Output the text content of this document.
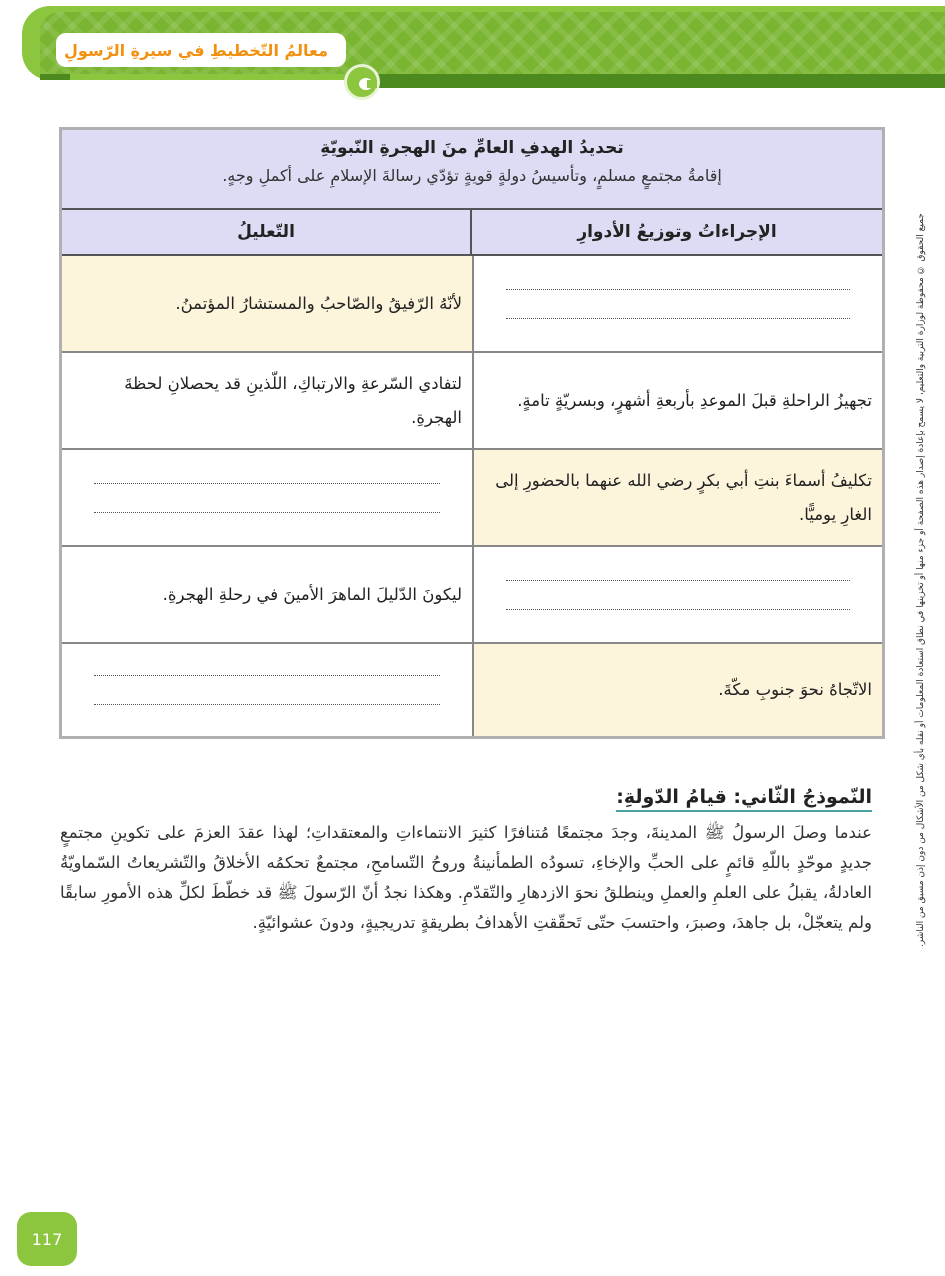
معالمُ التّخطيطِ في سيرةِ الرّسولِ
تحديدُ الهدفِ العامِّ منَ الهجرةِ النّبويّةِ
إقامةُ مجتمعٍ مسلمٍ، وتأسيسُ دولةٍ قويةٍ تؤدّي رسالةَ الإسلامِ على أكملِ وجهٍ.
الإجراءاتُ وتوزيعُ الأدوارِ
التّعليلُ
لأنّهُ الرّفيقُ والصّاحبُ والمستشارُ المؤتمنُ.
تجهيزُ الراحلةِ قبلَ الموعدِ بأربعةِ أشهرٍ، وبسريّةٍ تامةٍ.
لتفادي السّرعةِ والارتباكِ، اللّذينِ قد يحصلانِ لحظةَ الهجرةِ.
تكليفُ أسماءَ بنتِ أبي بكرٍ رضي الله عنهما بالحضورِ إلى الغارِ يوميًّا.
ليكونَ الدّليلَ الماهرَ الأمينَ في رحلةِ الهجرةِ.
الاتّجاهُ نحوَ جنوبِ مكّةَ.	جميع الحقوق © محفوظة لوزارة التربية والتعليم، لا يسمح بإعادة إصدار هذه الصفحة أو جزء منها أو تخزينها في نطاق استعادة المعلومات أو نقله بأي شكل من الأشكال من دون إذن مسبق من الناشر.
النّموذجُ الثّاني: قيامُ الدّولةِ:
عندما وصلَ الرسولُ ﷺ المدينةَ، وجدَ مجتمعًا مُتنافرًا كثيرَ الانتماءاتِ والمعتقداتِ؛ لهذا عقدَ العزمَ على تكوينِ مجتمعٍ جديدٍ موحّدٍ باللّهِ قائمٍ على الحبِّ والإخاءِ، تسودُه الطمأنينةُ وروحُ التّسامحِ، مجتمعٌ تحكمُه الأخلاقُ والتّشريعاتُ السّماويّةُ العادلةُ، يقبلُ على العلمِ والعملِ وينطلقُ نحوَ الازدهارِ والتّقدّمِ. وهكذا نجدُ أنّ الرّسولَ ﷺ قد خطّطَ لكلِّ هذه الأمورِ سابقًا ولم يتعجّلْ، بل جاهدَ، وصبرَ، واحتسبَ حتّى تَحقّقتِ الأهدافُ بطريقةٍ تدريجيةٍ، ودونَ عشوائيّةٍ.
117
